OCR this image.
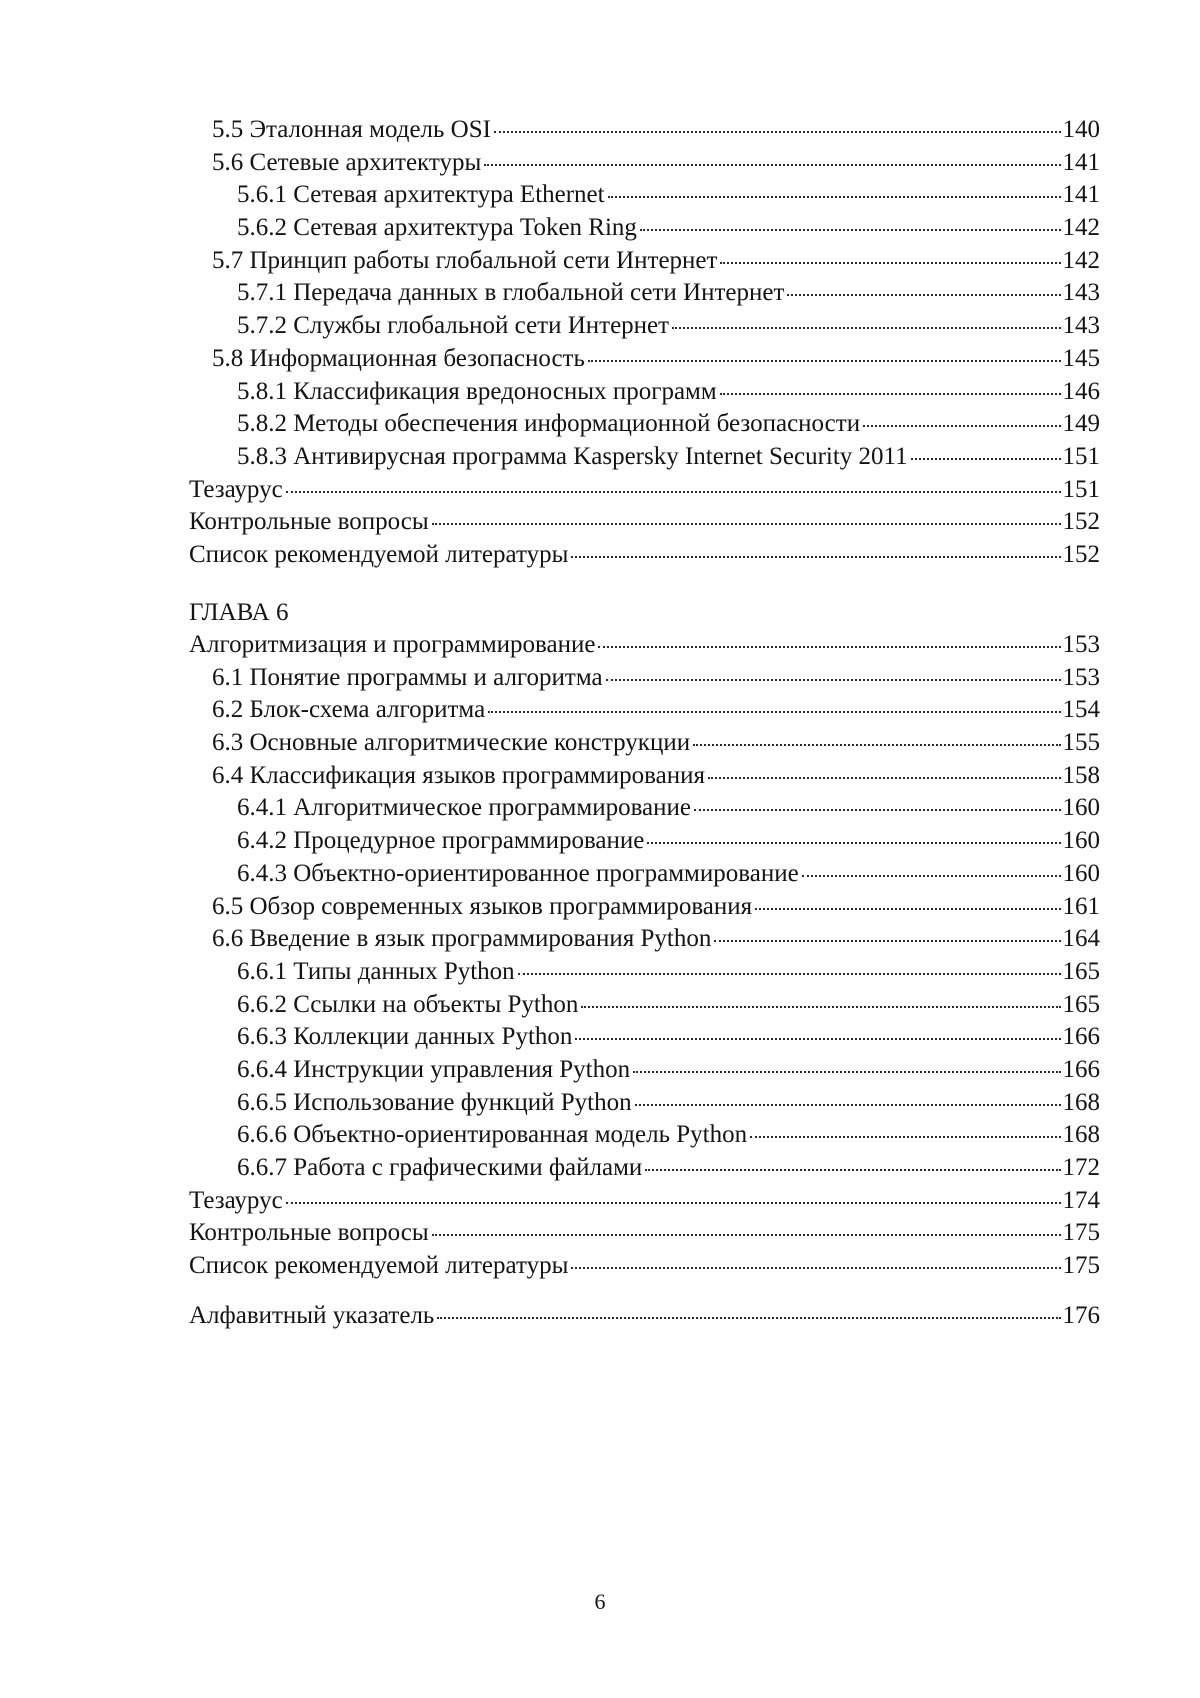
5.5 Эталонная модель OSI	140
5.6 Сетевые архитектуры	141
5.6.1 Сетевая архитектура Ethernet	141
5.6.2 Сетевая архитектура Token Ring	142
5.7 Принцип работы глобальной сети Интернет	142
5.7.1 Передача данных в глобальной сети Интернет	143
5.7.2 Службы глобальной сети Интернет	143
5.8 Информационная безопасность	145
5.8.1 Классификация вредоносных программ	146
5.8.2 Методы обеспечения информационной безопасности	149
5.8.3 Антивирусная программа Kaspersky Internet Security 2011	151
Тезаурус	151
Контрольные вопросы	152
Список рекомендуемой литературы	152
ГЛАВА 6
Алгоритмизация и программирование	153
6.1 Понятие программы и алгоритма	153
6.2 Блок-схема алгоритма	154
6.3 Основные алгоритмические конструкции	155
6.4 Классификация языков программирования	158
6.4.1 Алгоритмическое программирование	160
6.4.2 Процедурное программирование	160
6.4.3 Объектно-ориентированное программирование	160
6.5 Обзор современных языков программирования	161
6.6 Введение в язык программирования Python	164
6.6.1 Типы данных Python	165
6.6.2 Ссылки на объекты Python	165
6.6.3 Коллекции данных Python	166
6.6.4 Инструкции управления Python	166
6.6.5 Использование функций Python	168
6.6.6 Объектно-ориентированная модель Python	168
6.6.7 Работа с графическими файлами	172
Тезаурус	174
Контрольные вопросы	175
Список рекомендуемой литературы	175
Алфавитный указатель	176
6
